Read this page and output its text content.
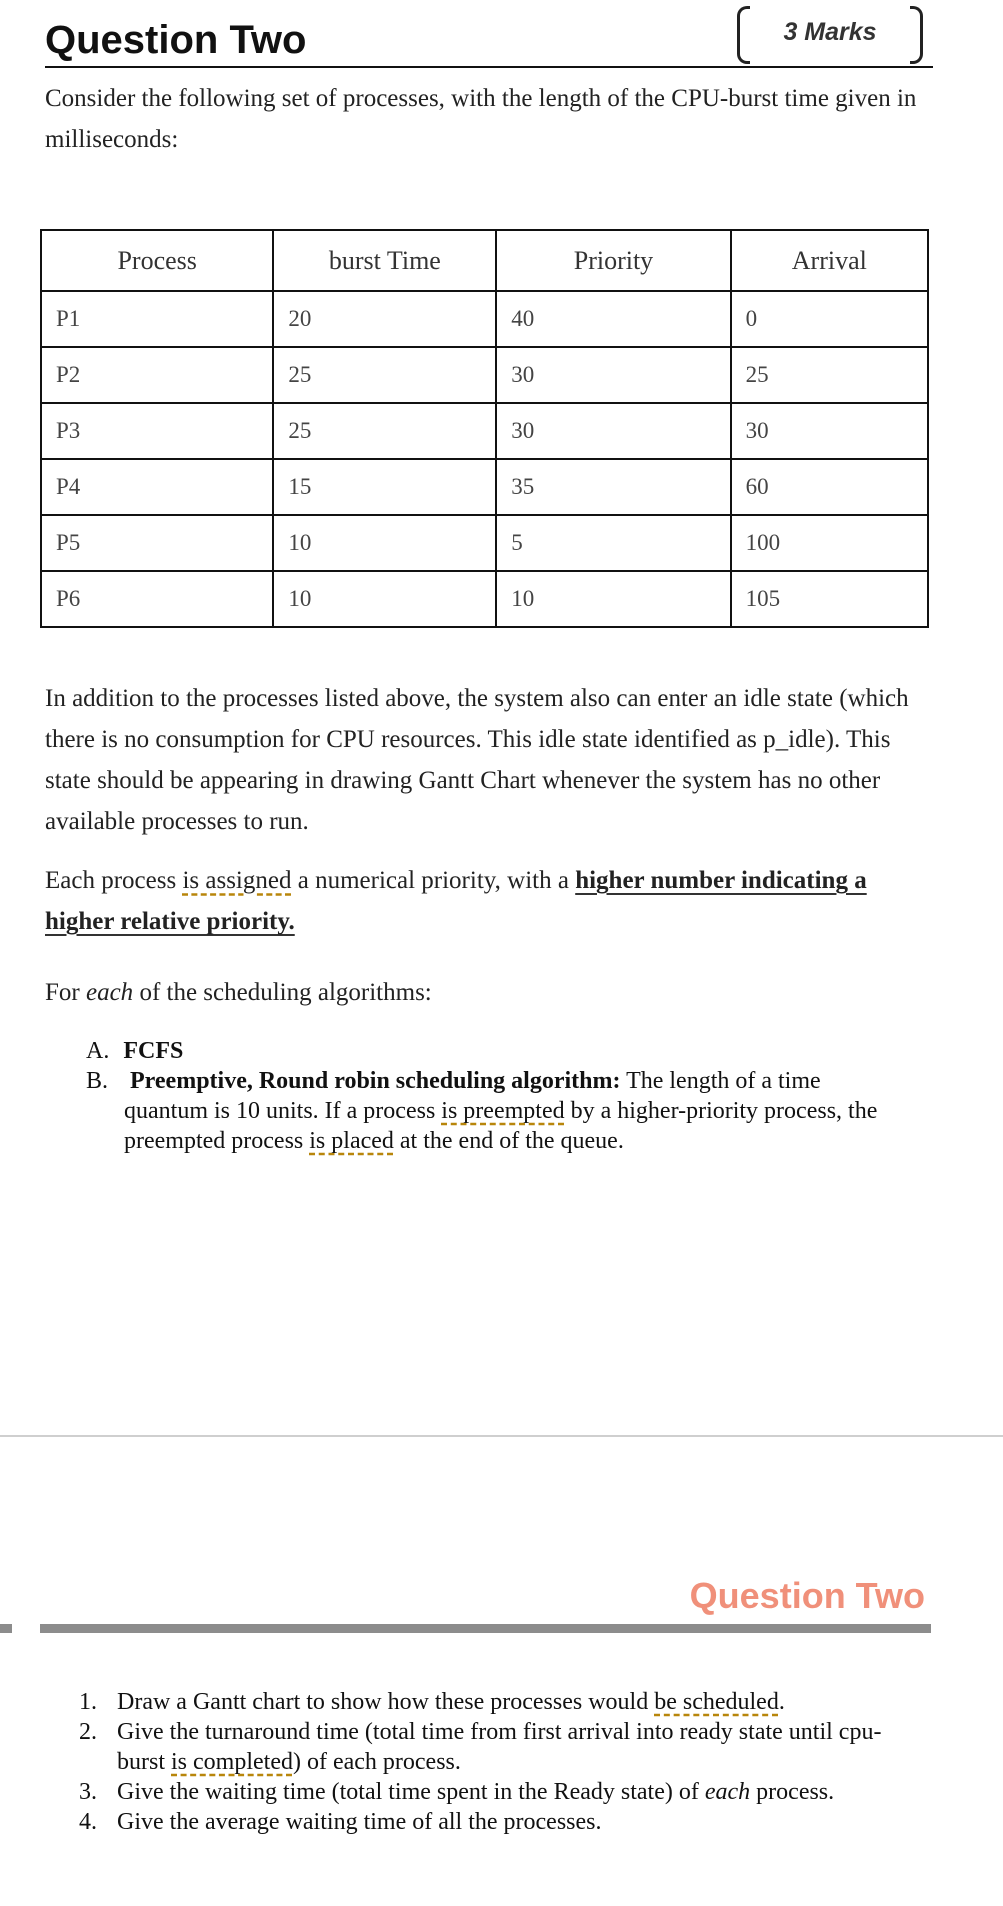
Question Two	3 Marks
Consider the following set of processes, with the length of the CPU-burst time given in
milliseconds:
Process	burst Time	Priority	Arrival
P1	20	40	0
P2	25	30	25
P3	25	30	30
P4	15	35	60
P5	10	5	100
P6	10	10	105
In addition to the processes listed above, the system also can enter an idle state (which
there is no consumption for CPU resources. This idle state identified as p_idle). This
state should be appearing in drawing Gantt Chart whenever the system has no other
available processes to run.
Each process is assigned a numerical priority, with a higher number indicating a
higher relative priority.
For each of the scheduling algorithms:
A. FCFS
B. Preemptive, Round robin scheduling algorithm: The length of a time
quantum is 10 units. If a process is preempted by a higher-priority process, the
preempted process is placed at the end of the queue.
Question Two
1. Draw a Gantt chart to show how these processes would be scheduled.
2. Give the turnaround time (total time from first arrival into ready state until cpu-
burst is completed) of each process.
3. Give the waiting time (total time spent in the Ready state) of each process.
4. Give the average waiting time of all the processes.
